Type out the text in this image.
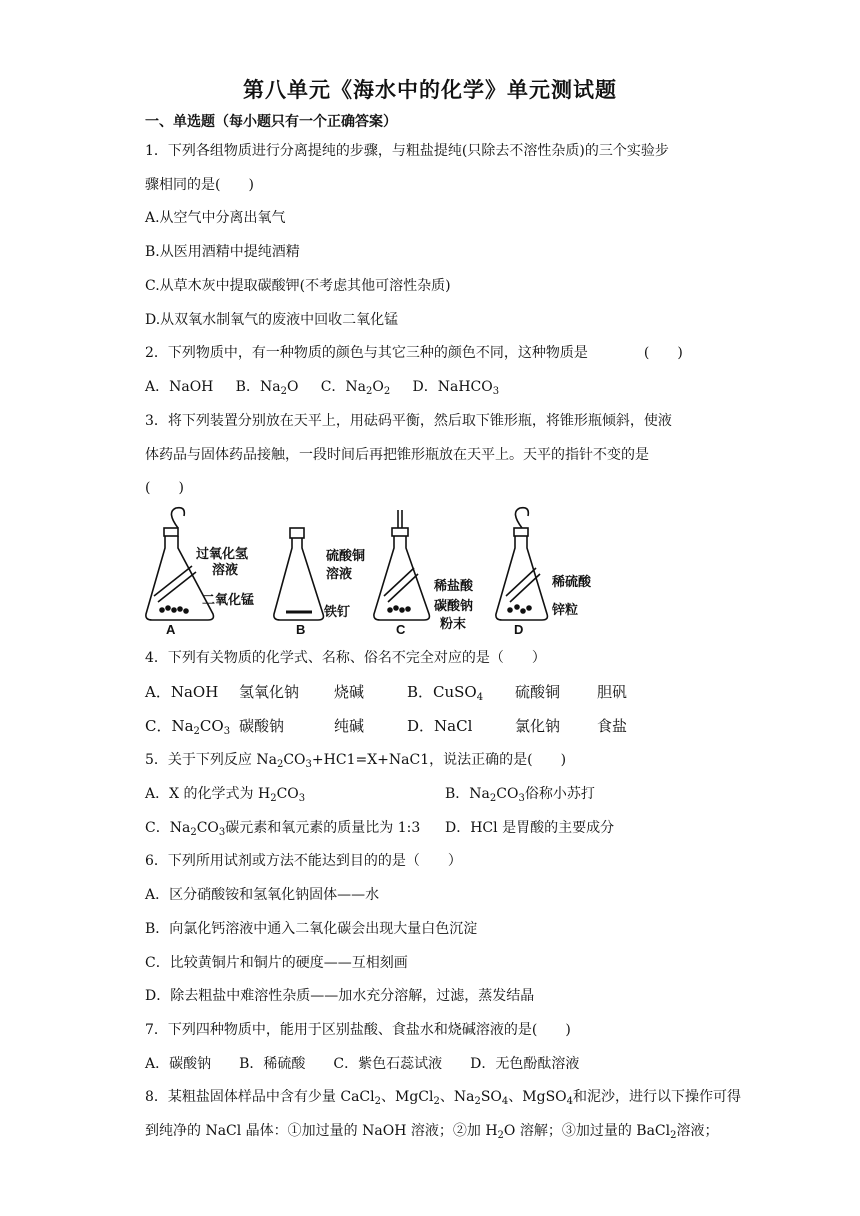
第八单元《海水中的化学》单元测试题
一、单选题（每小题只有一个正确答案）
1．下列各组物质进行分离提纯的步骤，与粗盐提纯(只除去不溶性杂质)的三个实验步
骤相同的是(　　)
A.从空气中分离出氧气
B.从医用酒精中提纯酒精
C.从草木灰中提取碳酸钾(不考虑其他可溶性杂质)
D.从双氧水制氧气的废液中回收二氧化锰
2．下列物质中，有一种物质的颜色与其它三种的颜色不同，这种物质是　　　　(　　)
A．NaOH B．$Na_2O$ C．$Na_2O_2$ D．NaHCO$_3$
3．将下列装置分别放在天平上，用砝码平衡，然后取下锥形瓶，将锥形瓶倾斜，使液
体药品与固体药品接触，一段时间后再把锥形瓶放在天平上。天平的指针不变的是
(　　)
过氧化氢
溶液
二氧化锰
A
硫酸铜
溶液
铁钉
B
稀盐酸
碳酸钠
粉末
C
稀硫酸
锌粒
D
4．下列有关物质的化学式、名称、俗名不完全对应的是（　　）
A．NaOH 氢氧化钠 烧碱	B．CuSO$_4$ 硫酸铜 胆矾
C．$Na_2CO_3$ 碳酸钠	纯碱	D．NaCl	氯化钠 食盐
5．关于下列反应 $Na_2CO_3+HC1=X+NaC1$，说法正确的是(　　)
A．X 的化学式为 $H_2CO_3$	B．$Na_2CO_3$俗称小苏打
C．$Na_2CO_3$碳元素和氧元素的质量比为 1:3 D．HCl 是胃酸的主要成分
6．下列所用试剂或方法不能达到目的的是（　　）
A．区分硝酸铵和氢氧化钠固体——水
B．向氯化钙溶液中通入二氧化碳会出现大量白色沉淀
C．比较黄铜片和铜片的硬度——互相刻画
D．除去粗盐中难溶性杂质——加水充分溶解，过滤，蒸发结晶
7．下列四种物质中，能用于区别盐酸、食盐水和烧碱溶液的是(　　)
A．碳酸钠　　B．稀硫酸　　C．紫色石蕊试液　　D．无色酚酞溶液
8．某粗盐固体样品中含有少量 CaCl$_2$、MgCl$_2$、$Na_2SO_4$、MgSO$_4$和泥沙，进行以下操作可得
到纯净的 NaCl 晶体：①加过量的 NaOH 溶液；②加 $H_2O$ 溶解；③加过量的 BaCl$_2$溶液；
